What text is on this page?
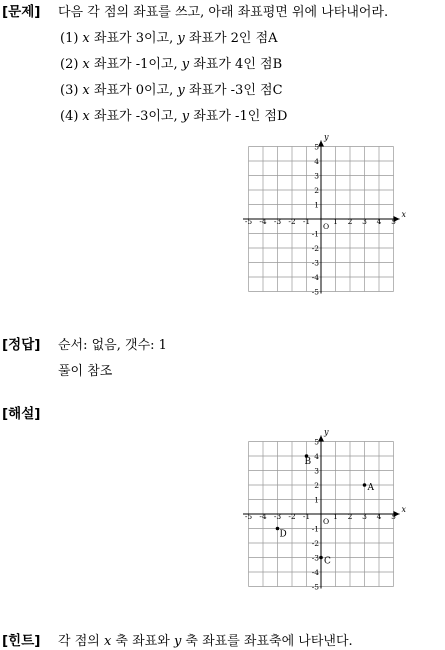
[문제] 다음 각 점의 좌표를 쓰고, 아래 좌표평면 위에 나타내어라.
(1) x 좌표가 3이고, y 좌표가 2인 점A
(2) x 좌표가 -1이고, y 좌표가 4인 점B
(3) x 좌표가 0이고, y 좌표가 -3인 점C
(4) x 좌표가 -3이고, y 좌표가 -1인 점D
x
y
O
-5 -4 -3 -2 -1	1 2 3 4 5
5
4
3
2
1
-1
-2
-3
-4
-5
[정답] 순서: 없음, 갯수: 1
풀이 참조
[해설]
x
y
O
-5 -4 -3 -2 -1	1 2 3 4 5
5
4
3
2
1
-1
-2
-3
-4
-5
A
B
C
D
[힌트] 각 점의 x 축 좌표와 y 축 좌표를 좌표축에 나타낸다.
